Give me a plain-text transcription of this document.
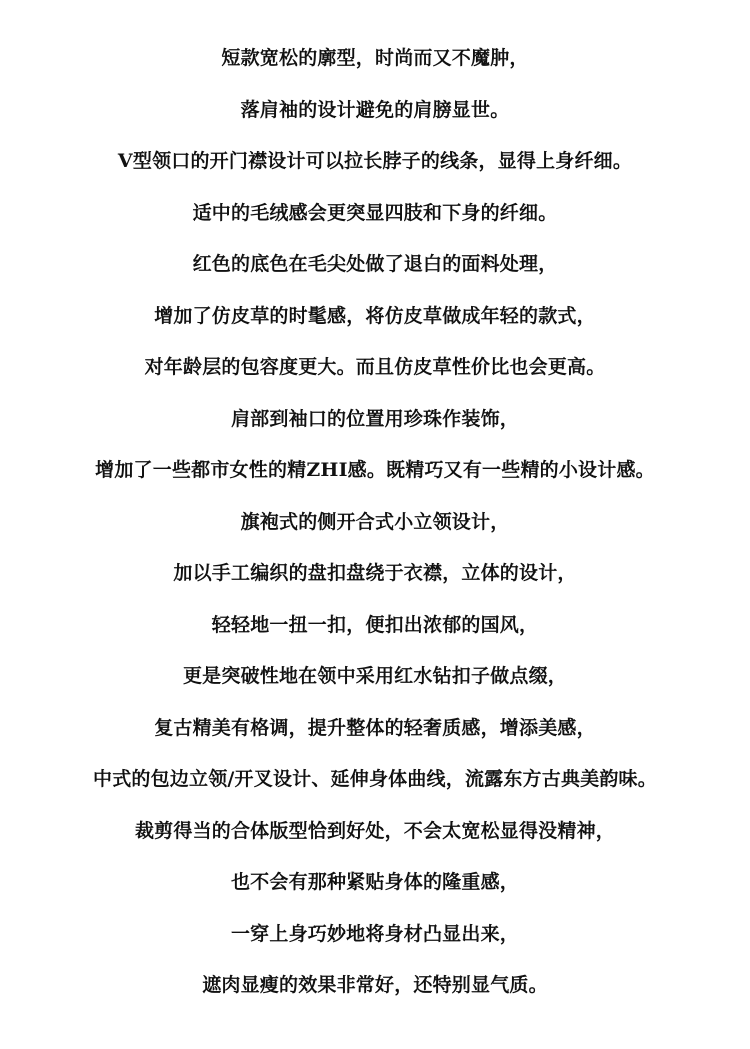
短款宽松的廓型，时尚而又不魔肿，
落肩袖的设计避免的肩膀显世。
V型领口的开门襟设计可以拉长脖子的线条，显得上身纤细。
适中的毛绒感会更突显四肢和下身的纤细。
红色的底色在毛尖处做了退白的面料处理，
增加了仿皮草的时髦感，将仿皮草做成年轻的款式，
对年龄层的包容度更大。而且仿皮草性价比也会更高。
肩部到袖口的位置用珍珠作装饰，
增加了一些都市女性的精ZHI感。既精巧又有一些精的小设计感。
旗袍式的侧开合式小立领设计，
加以手工编织的盘扣盘绕于衣襟，立体的设计，
轻轻地一扭一扣，便扣出浓郁的国风，
更是突破性地在领中采用红水钻扣子做点缀，
复古精美有格调，提升整体的轻奢质感，增添美感，
中式的包边立领/开叉设计、延伸身体曲线，流露东方古典美韵味。
裁剪得当的合体版型恰到好处，不会太宽松显得没精神，
也不会有那种紧贴身体的隆重感，
一穿上身巧妙地将身材凸显出来，
遮肉显瘦的效果非常好，还特别显气质。
